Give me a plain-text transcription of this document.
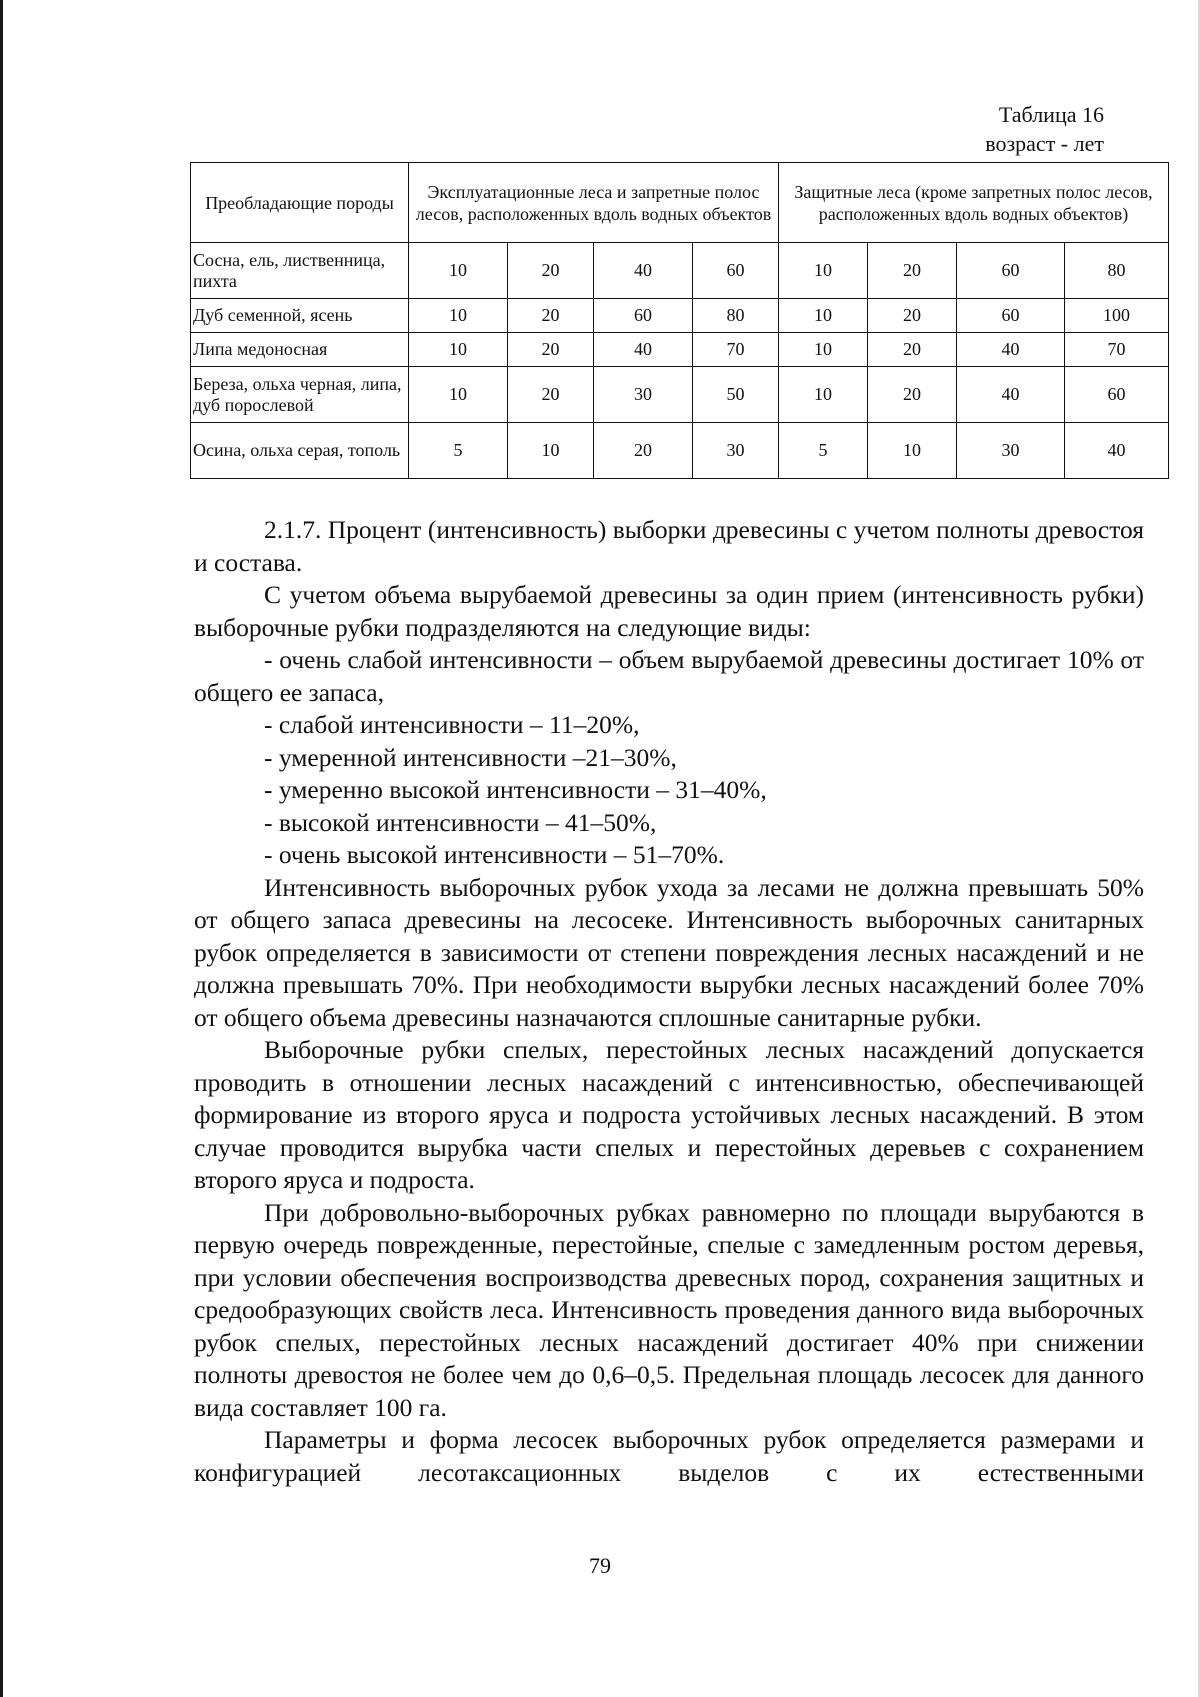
Таблица 16
возраст - лет
Преобладающие породы	Эксплуатационные леса и запретные полос лесов, расположенных вдоль водных объектов				Защитные леса (кроме запретных полос лесов, расположенных вдоль водных объектов)			
Сосна, ель, лиственница, пихта	10	20	40	60	10	20	60	80
Дуб семенной, ясень	10	20	60	80	10	20	60	100
Липа медоносная	10	20	40	70	10	20	40	70
Береза, ольха черная, липа, дуб порослевой	10	20	30	50	10	20	40	60
Осина, ольха серая, тополь	5	10	20	30	5	10	30	40

2.1.7. Процент (интенсивность) выборки древесины с учетом полноты древостоя и состава.

С учетом объема вырубаемой древесины за один прием (интенсивность рубки) выборочные рубки подразделяются на следующие виды:

- очень слабой интенсивности – объем вырубаемой древесины достигает 10% от общего ее запаса,

- слабой интенсивности – 11–20%,

- умеренной интенсивности –21–30%,

- умеренно высокой интенсивности – 31–40%,

- высокой интенсивности – 41–50%,

- очень высокой интенсивности – 51–70%.

Интенсивность выборочных рубок ухода за лесами не должна превышать 50% от общего запаса древесины на лесосеке. Интенсивность выборочных санитарных рубок определяется в зависимости от степени повреждения лесных насаждений и не должна превышать 70%. При необходимости вырубки лесных насаждений более 70% от общего объема древесины назначаются сплошные санитарные рубки.

Выборочные рубки спелых, перестойных лесных насаждений допускается проводить в отношении лесных насаждений с интенсивностью, обеспечивающей формирование из второго яруса и подроста устойчивых лесных насаждений. В этом случае проводится вырубка части спелых и перестойных деревьев с сохранением второго яруса и подроста.

При добровольно-выборочных рубках равномерно по площади вырубаются в первую очередь поврежденные, перестойные, спелые с замедленным ростом деревья, при условии обеспечения воспроизводства древесных пород, сохранения защитных и средообразующих свойств леса. Интенсивность проведения данного вида выборочных рубок спелых, перестойных лесных насаждений достигает 40% при снижении полноты древостоя не более чем до 0,6–0,5. Предельная площадь лесосек для данного вида составляет 100 га.

Параметры и форма лесосек выборочных рубок определяется размерами и конфигурацией лесотаксационных выделов с их естественными

79
